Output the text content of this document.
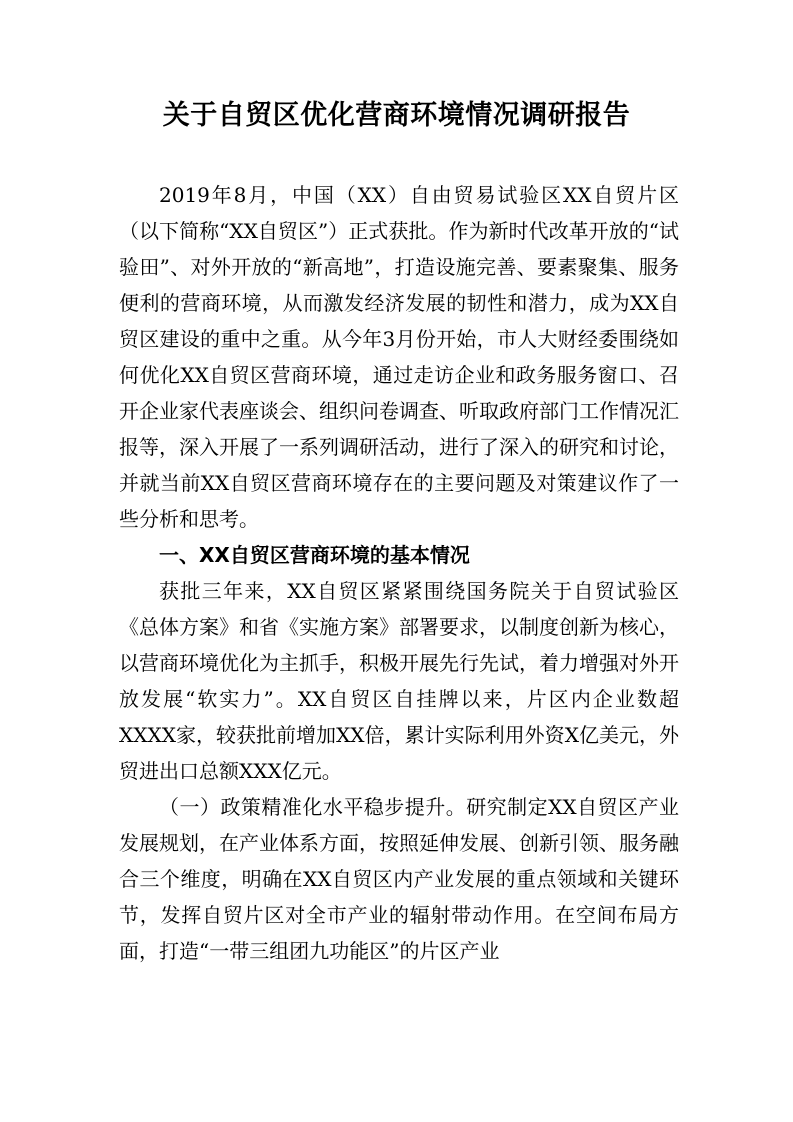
关于自贸区优化营商环境情况调研报告

2019年8月，中国（XX）自由贸易试验区XX自贸片区（以下简称“XX自贸区”）正式获批。作为新时代改革开放的“试验田”、对外开放的“新高地”，打造设施完善、要素聚集、服务便利的营商环境，从而激发经济发展的韧性和潜力，成为XX自贸区建设的重中之重。从今年3月份开始，市人大财经委围绕如何优化XX自贸区营商环境，通过走访企业和政务服务窗口、召开企业家代表座谈会、组织问卷调查、听取政府部门工作情况汇报等，深入开展了一系列调研活动，进行了深入的研究和讨论，并就当前XX自贸区营商环境存在的主要问题及对策建议作了一些分析和思考。

一、XX自贸区营商环境的基本情况

获批三年来，XX自贸区紧紧围绕国务院关于自贸试验区《总体方案》和省《实施方案》部署要求，以制度创新为核心，以营商环境优化为主抓手，积极开展先行先试，着力增强对外开放发展“软实力”。XX自贸区自挂牌以来，片区内企业数超XXXX家，较获批前增加XX倍，累计实际利用外资X亿美元，外贸进出口总额XXX亿元。

（一）政策精准化水平稳步提升。研究制定XX自贸区产业发展规划，在产业体系方面，按照延伸发展、创新引领、服务融合三个维度，明确在XX自贸区内产业发展的重点领域和关键环节，发挥自贸片区对全市产业的辐射带动作用。在空间布局方面，打造“一带三组团九功能区”的片区产业
